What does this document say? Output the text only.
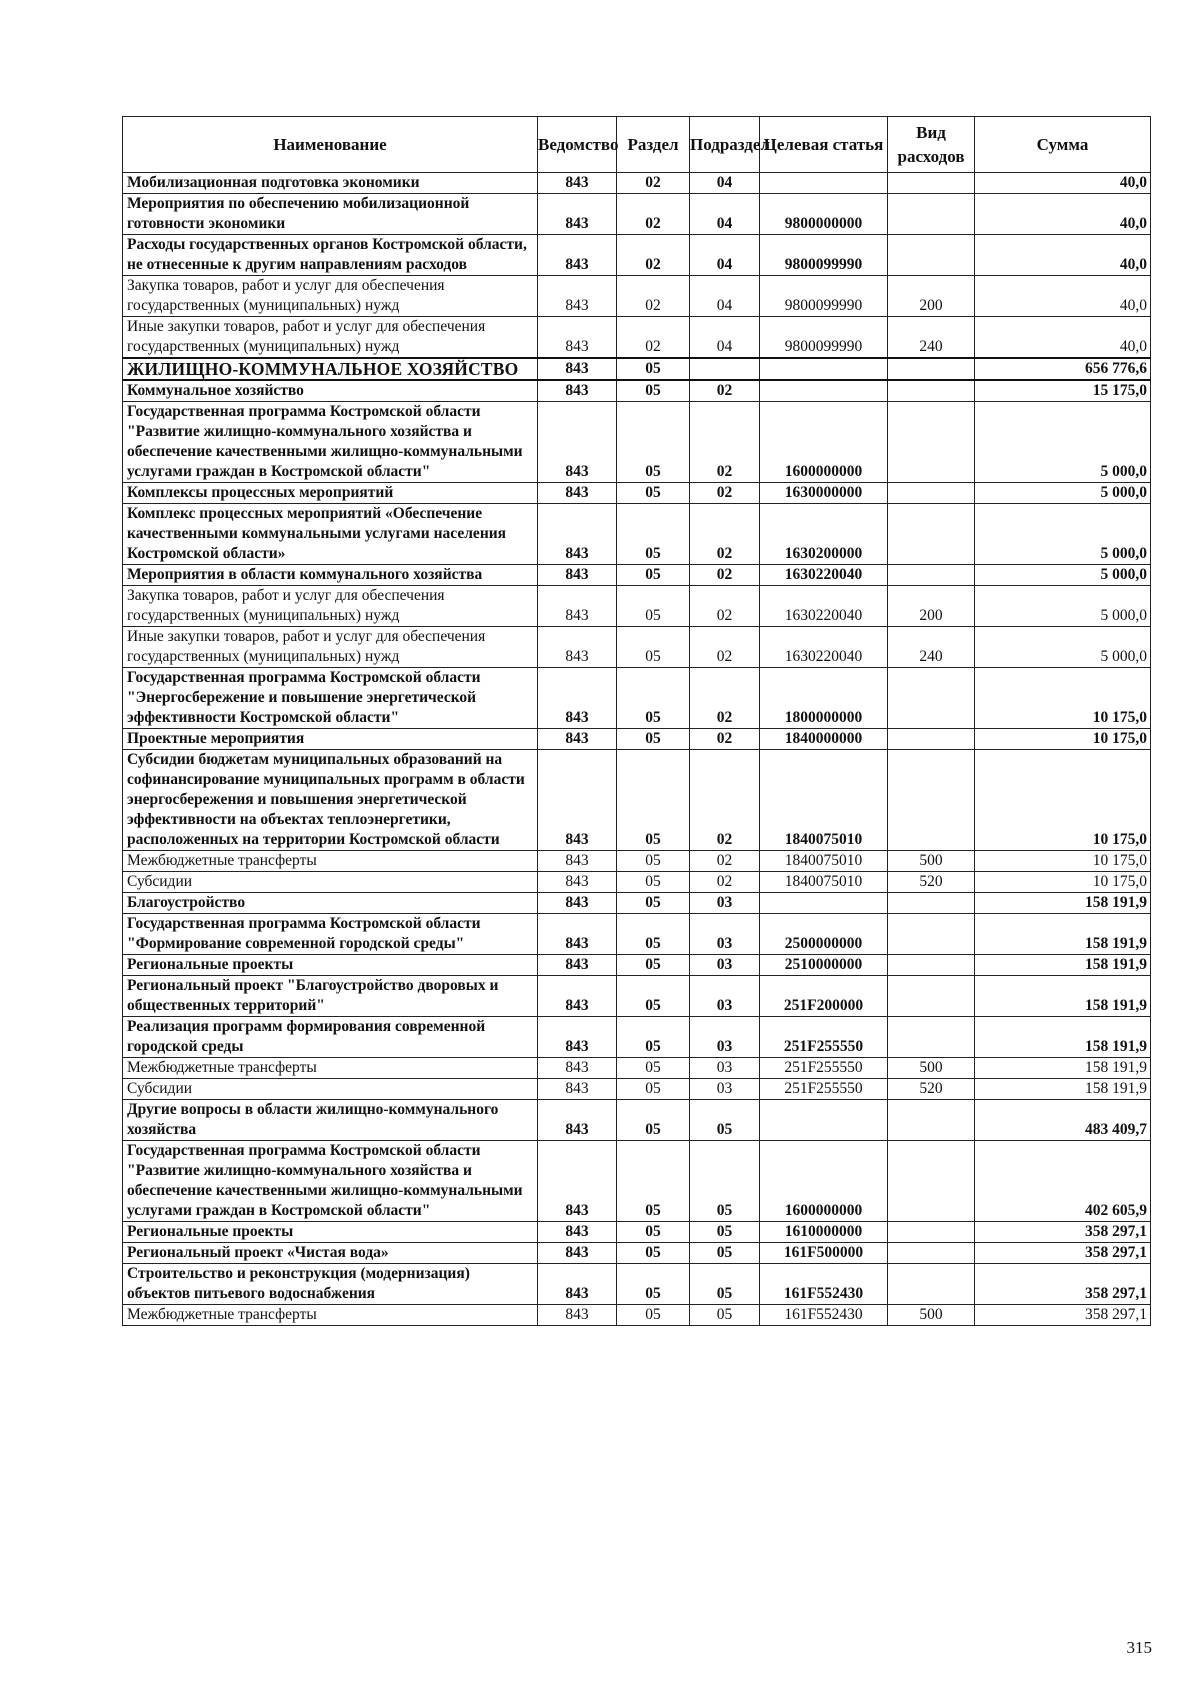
Наименование	Ведомство	Раздел	Подраздел	Целевая статья	Вид расходов	Сумма
Мобилизационная подготовка экономики	843	02	04			40,0
Мероприятия по обеспечению мобилизационной готовности экономики	843	02	04	9800000000		40,0
Расходы государственных органов Костромской области, не отнесенные к другим направлениям расходов	843	02	04	9800099990		40,0
Закупка товаров, работ и услуг для обеспечения государственных (муниципальных) нужд	843	02	04	9800099990	200	40,0
Иные закупки товаров, работ и услуг для обеспечения государственных (муниципальных) нужд	843	02	04	9800099990	240	40,0
ЖИЛИЩНО-КОММУНАЛЬНОЕ ХОЗЯЙСТВО	843	05				656 776,6
Коммунальное хозяйство	843	05	02			15 175,0
Государственная программа Костромской области "Развитие жилищно-коммунального хозяйства и обеспечение качественными жилищно-коммунальными услугами граждан в Костромской области"	843	05	02	1600000000		5 000,0
Комплексы процессных мероприятий	843	05	02	1630000000		5 000,0
Комплекс процессных мероприятий «Обеспечение качественными коммунальными услугами населения Костромской области»	843	05	02	1630200000		5 000,0
Мероприятия в области коммунального хозяйства	843	05	02	1630220040		5 000,0
Закупка товаров, работ и услуг для обеспечения государственных (муниципальных) нужд	843	05	02	1630220040	200	5 000,0
Иные закупки товаров, работ и услуг для обеспечения государственных (муниципальных) нужд	843	05	02	1630220040	240	5 000,0
Государственная программа Костромской области "Энергосбережение и повышение энергетической эффективности Костромской области"	843	05	02	1800000000		10 175,0
Проектные мероприятия	843	05	02	1840000000		10 175,0
Субсидии бюджетам муниципальных образований на софинансирование муниципальных программ в области энергосбережения и повышения энергетической эффективности на объектах теплоэнергетики, расположенных на территории Костромской области	843	05	02	1840075010		10 175,0
Межбюджетные трансферты	843	05	02	1840075010	500	10 175,0
Субсидии	843	05	02	1840075010	520	10 175,0
Благоустройство	843	05	03			158 191,9
Государственная программа Костромской области "Формирование современной городской среды"	843	05	03	2500000000		158 191,9
Региональные проекты	843	05	03	2510000000		158 191,9
Региональный проект "Благоустройство дворовых и общественных территорий"	843	05	03	251F200000		158 191,9
Реализация программ формирования современной городской среды	843	05	03	251F255550		158 191,9
Межбюджетные трансферты	843	05	03	251F255550	500	158 191,9
Субсидии	843	05	03	251F255550	520	158 191,9
Другие вопросы в области жилищно-коммунального хозяйства	843	05	05			483 409,7
Государственная программа Костромской области "Развитие жилищно-коммунального хозяйства и обеспечение качественными жилищно-коммунальными услугами граждан в Костромской области"	843	05	05	1600000000		402 605,9
Региональные проекты	843	05	05	1610000000		358 297,1
Региональный проект «Чистая вода»	843	05	05	161F500000		358 297,1
Строительство и реконструкция (модернизация) объектов питьевого водоснабжения	843	05	05	161F552430		358 297,1
Межбюджетные трансферты	843	05	05	161F552430	500	358 297,1
315
